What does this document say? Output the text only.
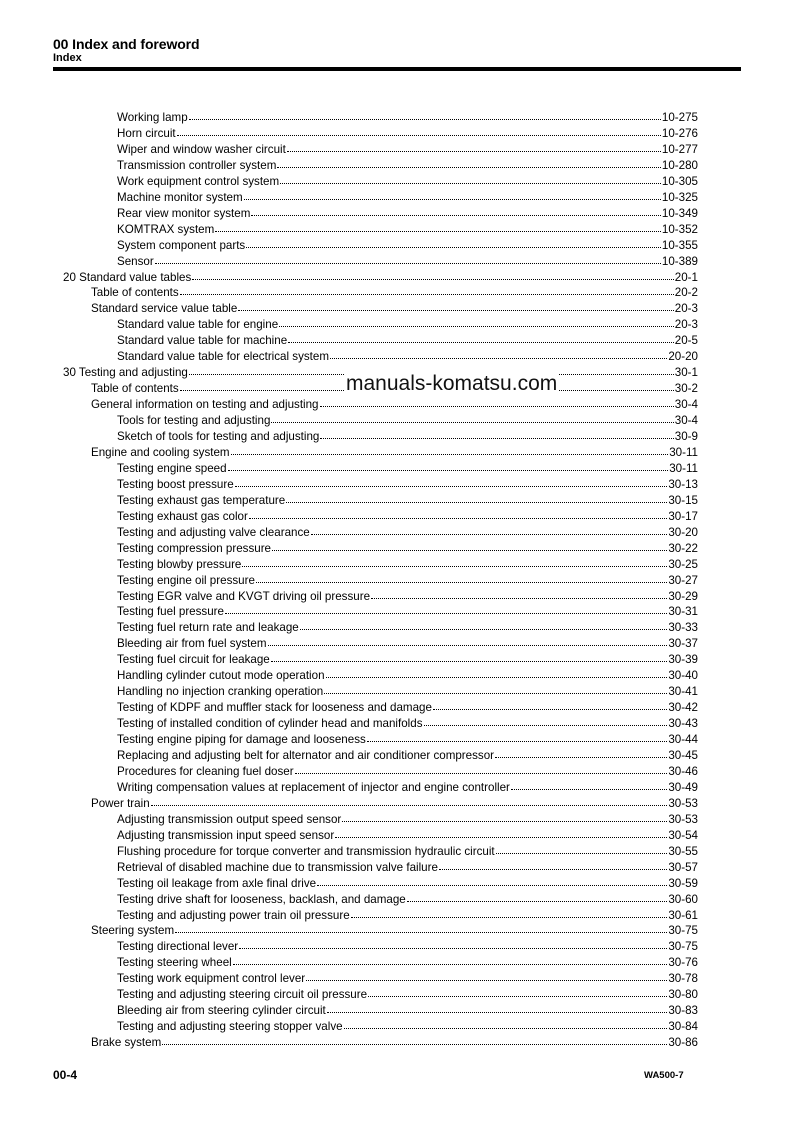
00 Index and foreword
Index
Working lamp	10-275
Horn circuit	10-276
Wiper and window washer circuit	10-277
Transmission controller system	10-280
Work equipment control system	10-305
Machine monitor system	10-325
Rear view monitor system	10-349
KOMTRAX system	10-352
System component parts	10-355
Sensor	10-389
20 Standard value tables	20-1
Table of contents	20-2
Standard service value table	20-3
Standard value table for engine	20-3
Standard value table for machine	20-5
Standard value table for electrical system	20-20
30 Testing and adjusting	30-1
Table of contents	30-2
General information on testing and adjusting	30-4
Tools for testing and adjusting	30-4
Sketch of tools for testing and adjusting	30-9
Engine and cooling system	30-11
Testing engine speed	30-11
Testing boost pressure	30-13
Testing exhaust gas temperature	30-15
Testing exhaust gas color	30-17
Testing and adjusting valve clearance	30-20
Testing compression pressure	30-22
Testing blowby pressure	30-25
Testing engine oil pressure	30-27
Testing EGR valve and KVGT driving oil pressure	30-29
Testing fuel pressure	30-31
Testing fuel return rate and leakage	30-33
Bleeding air from fuel system	30-37
Testing fuel circuit for leakage	30-39
Handling cylinder cutout mode operation	30-40
Handling no injection cranking operation	30-41
Testing of KDPF and muffler stack for looseness and damage	30-42
Testing of installed condition of cylinder head and manifolds	30-43
Testing engine piping for damage and looseness	30-44
Replacing and adjusting belt for alternator and air conditioner compressor	30-45
Procedures for cleaning fuel doser	30-46
Writing compensation values at replacement of injector and engine controller	30-49
Power train	30-53
Adjusting transmission output speed sensor	30-53
Adjusting transmission input speed sensor	30-54
Flushing procedure for torque converter and transmission hydraulic circuit	30-55
Retrieval of disabled machine due to transmission valve failure	30-57
Testing oil leakage from axle final drive	30-59
Testing drive shaft for looseness, backlash, and damage	30-60
Testing and adjusting power train oil pressure	30-61
Steering system	30-75
Testing directional lever	30-75
Testing steering wheel	30-76
Testing work equipment control lever	30-78
Testing and adjusting steering circuit oil pressure	30-80
Bleeding air from steering cylinder circuit	30-83
Testing and adjusting steering stopper valve	30-84
Brake system	30-86
manuals-komatsu.com
00-4	WA500-7
